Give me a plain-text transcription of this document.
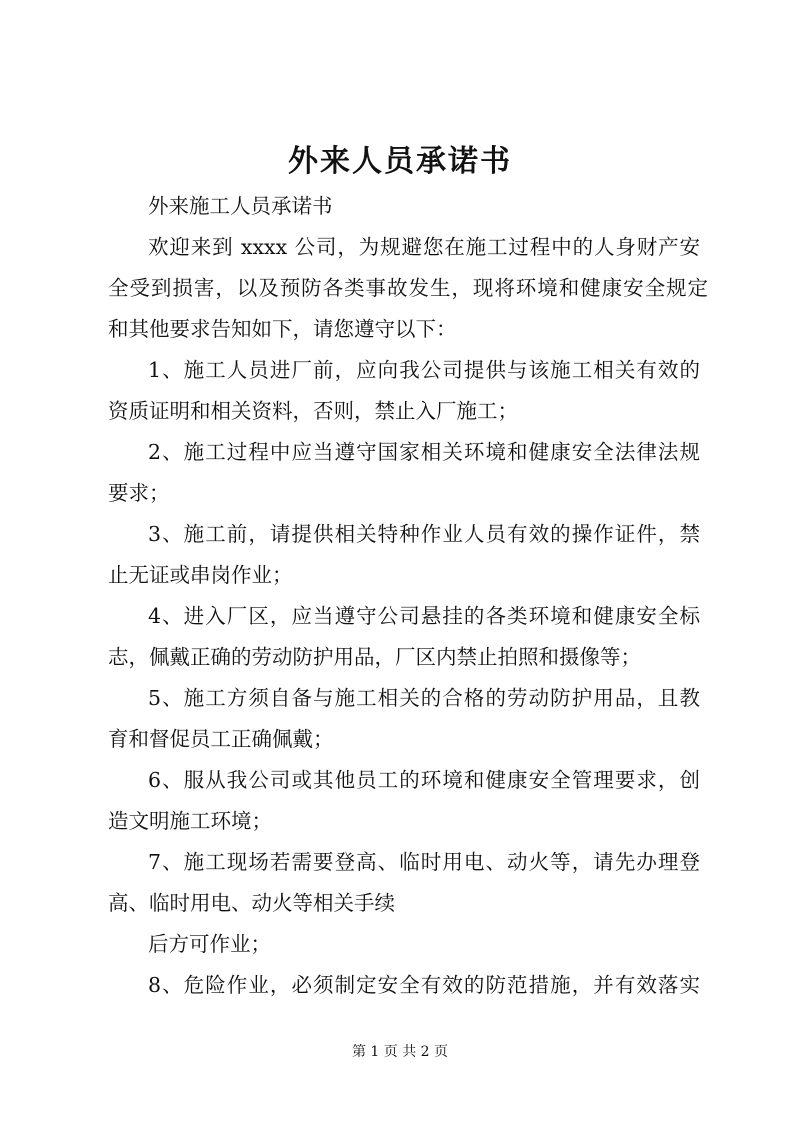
外来人员承诺书
外来施工人员承诺书
欢迎来到 xxxx 公司，为规避您在施工过程中的人身财产安
全受到损害，以及预防各类事故发生，现将环境和健康安全规定
和其他要求告知如下，请您遵守以下：
1、施工人员进厂前，应向我公司提供与该施工相关有效的
资质证明和相关资料，否则，禁止入厂施工；
2、施工过程中应当遵守国家相关环境和健康安全法律法规
要求；
3、施工前，请提供相关特种作业人员有效的操作证件，禁
止无证或串岗作业；
4、进入厂区，应当遵守公司悬挂的各类环境和健康安全标
志，佩戴正确的劳动防护用品，厂区内禁止拍照和摄像等；
5、施工方须自备与施工相关的合格的劳动防护用品，且教
育和督促员工正确佩戴；
6、服从我公司或其他员工的环境和健康安全管理要求，创
造文明施工环境；
7、施工现场若需要登高、临时用电、动火等，请先办理登
高、临时用电、动火等相关手续
后方可作业；
8、危险作业，必须制定安全有效的防范措施，并有效落实
第 1 页 共 2 页
